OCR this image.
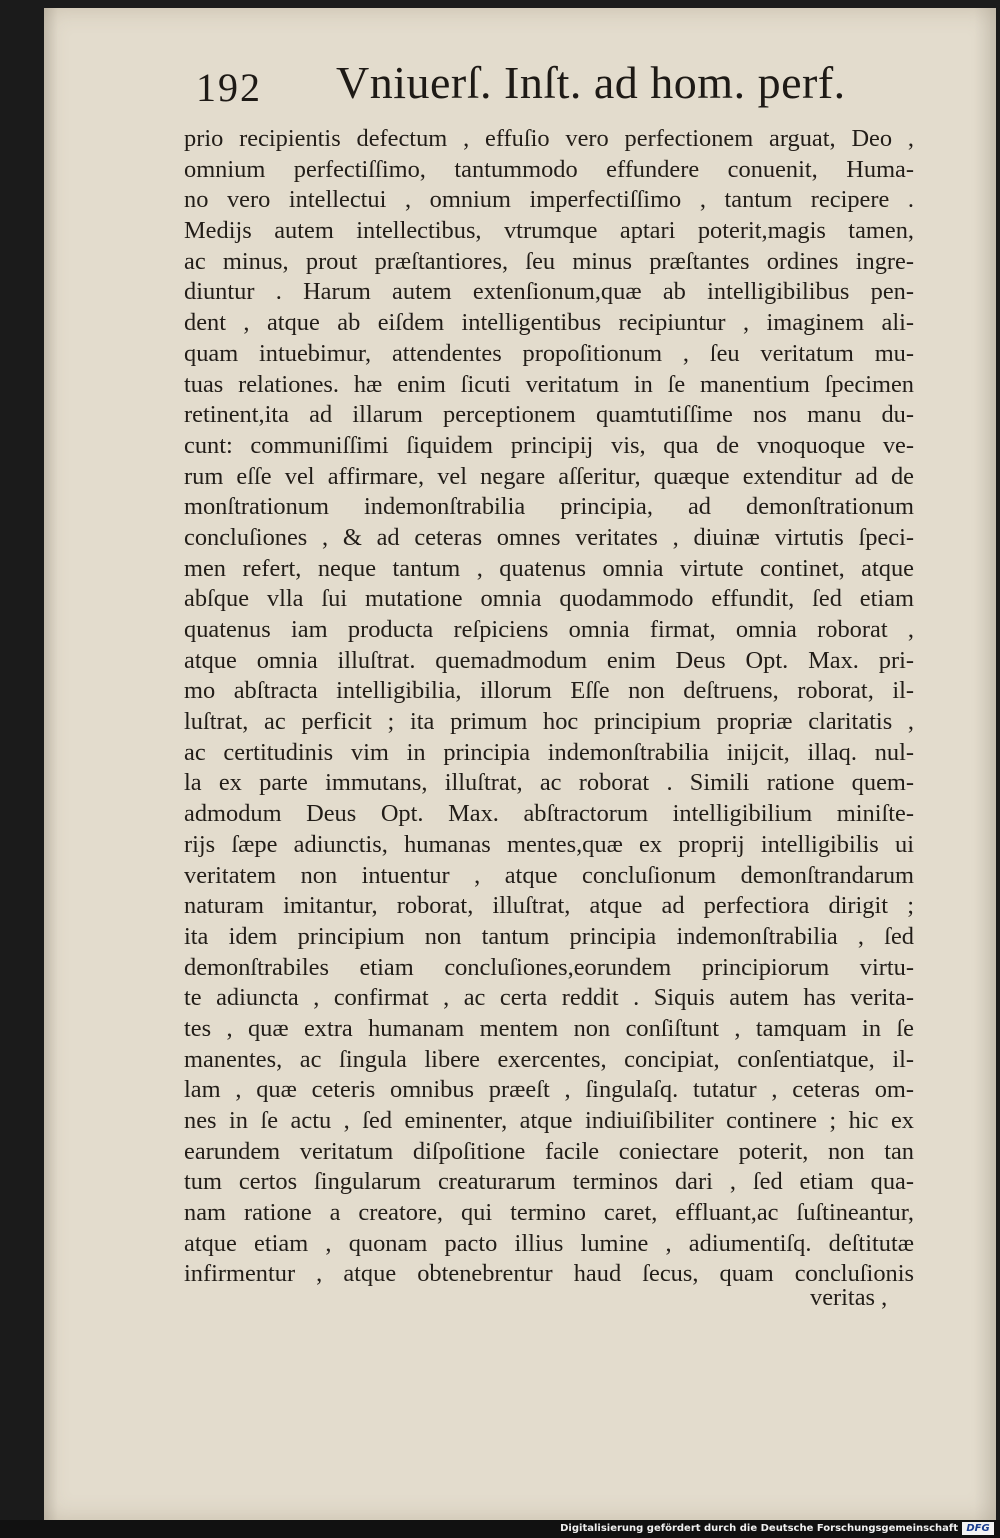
192 Vniuerſ. Inſt. ad hom. perf.
prio recipientis defectum , effuſio vero perfectionem arguat, Deo ,
omnium perfectiſſimo, tantummodo effundere conuenit, Huma-
no vero intellectui , omnium imperfectiſſimo , tantum recipere .
Medijs autem intellectibus, vtrumque aptari poterit,magis tamen,
ac minus, prout præſtantiores, ſeu minus præſtantes ordines ingre-
diuntur . Harum autem extenſionum,quæ ab intelligibilibus pen-
dent , atque ab eiſdem intelligentibus recipiuntur , imaginem ali-
quam intuebimur, attendentes propoſitionum , ſeu veritatum mu-
tuas relationes. hæ enim ſicuti veritatum in ſe manentium ſpecimen
retinent,ita ad illarum perceptionem quamtutiſſime nos manu du-
cunt: communiſſimi ſiquidem principij vis, qua de vnoquoque ve-
rum eſſe vel affirmare, vel negare aſſeritur, quæque extenditur ad de
monſtrationum indemonſtrabilia principia, ad demonſtrationum
concluſiones , & ad ceteras omnes veritates , diuinæ virtutis ſpeci-
men refert, neque tantum , quatenus omnia virtute continet, atque
abſque vlla ſui mutatione omnia quodammodo effundit, ſed etiam
quatenus iam producta reſpiciens omnia firmat, omnia roborat ,
atque omnia illuſtrat. quemadmodum enim Deus Opt. Max. pri-
mo abſtracta intelligibilia, illorum Eſſe non deſtruens, roborat, il-
luſtrat, ac perficit ; ita primum hoc principium propriæ claritatis ,
ac certitudinis vim in principia indemonſtrabilia inijcit, illaq. nul-
la ex parte immutans, illuſtrat, ac roborat . Simili ratione quem-
admodum Deus Opt. Max. abſtractorum intelligibilium miniſte-
rijs ſæpe adiunctis, humanas mentes,quæ ex proprij intelligibilis ui
veritatem non intuentur , atque concluſionum demonſtrandarum
naturam imitantur, roborat, illuſtrat, atque ad perfectiora dirigit ;
ita idem principium non tantum principia indemonſtrabilia , ſed
demonſtrabiles etiam concluſiones,eorundem principiorum virtu-
te adiuncta , confirmat , ac certa reddit . Siquis autem has verita-
tes , quæ extra humanam mentem non conſiſtunt , tamquam in ſe
manentes, ac ſingula libere exercentes, concipiat, conſentiatque, il-
lam , quæ ceteris omnibus præeſt , ſingulaſq. tutatur , ceteras om-
nes in ſe actu , ſed eminenter, atque indiuiſibiliter continere ; hic ex
earundem veritatum diſpoſitione facile coniectare poterit, non tan
tum certos ſingularum creaturarum terminos dari , ſed etiam qua-
nam ratione a creatore, qui termino caret, effluant,ac ſuſtineantur,
atque etiam , quonam pacto illius lumine , adiumentiſq. deſtitutæ
infirmentur , atque obtenebrentur haud ſecus, quam concluſionis
veritas ,
Digitalisierung gefördert durch die Deutsche Forschungsgemeinschaft DFG
